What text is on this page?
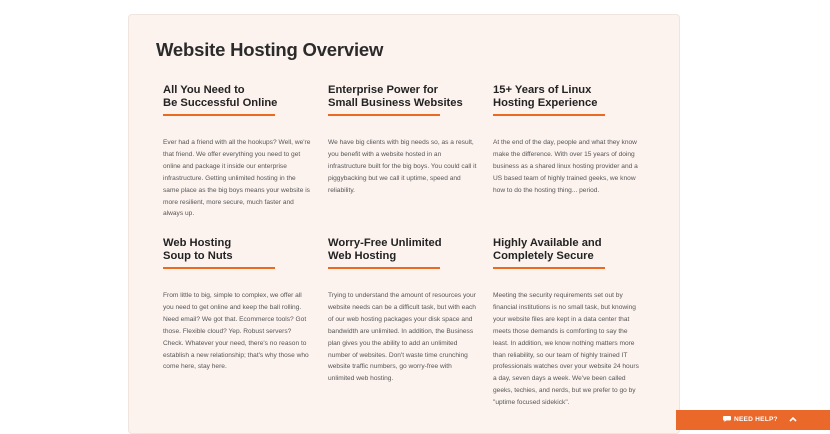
Website Hosting Overview
All You Need to
Be Successful Online
Ever had a friend with all the hookups? Well, we're that friend. We offer everything you need to get online and package it inside our enterprise infrastructure. Getting unlimited hosting in the same place as the big boys means your website is more resilient, more secure, much faster and always up.
Enterprise Power for
Small Business Websites
We have big clients with big needs so, as a result, you benefit with a website hosted in an infrastructure built for the big boys. You could call it piggybacking but we call it uptime, speed and reliability.
15+ Years of Linux
Hosting Experience
At the end of the day, people and what they know make the difference. With over 15 years of doing business as a shared linux hosting provider and a US based team of highly trained geeks, we know how to do the hosting thing... period.
Web Hosting
Soup to Nuts
From little to big, simple to complex, we offer all you need to get online and keep the ball rolling. Need email? We got that. Ecommerce tools? Got those. Flexible cloud? Yep. Robust servers? Check. Whatever your need, there's no reason to establish a new relationship; that's why those who come here, stay here.
Worry-Free Unlimited
Web Hosting
Trying to understand the amount of resources your website needs can be a difficult task, but with each of our web hosting packages your disk space and bandwidth are unlimited. In addition, the Business plan gives you the ability to add an unlimited number of websites. Don't waste time crunching website traffic numbers, go worry-free with unlimited web hosting.
Highly Available and
Completely Secure
Meeting the security requirements set out by financial institutions is no small task, but knowing your website files are kept in a data center that meets those demands is comforting to say the least. In addition, we know nothing matters more than reliability, so our team of highly trained IT professionals watches over your website 24 hours a day, seven days a week. We've been called geeks, techies, and nerds, but we prefer to go by "uptime focused sidekick".
NEED HELP?
